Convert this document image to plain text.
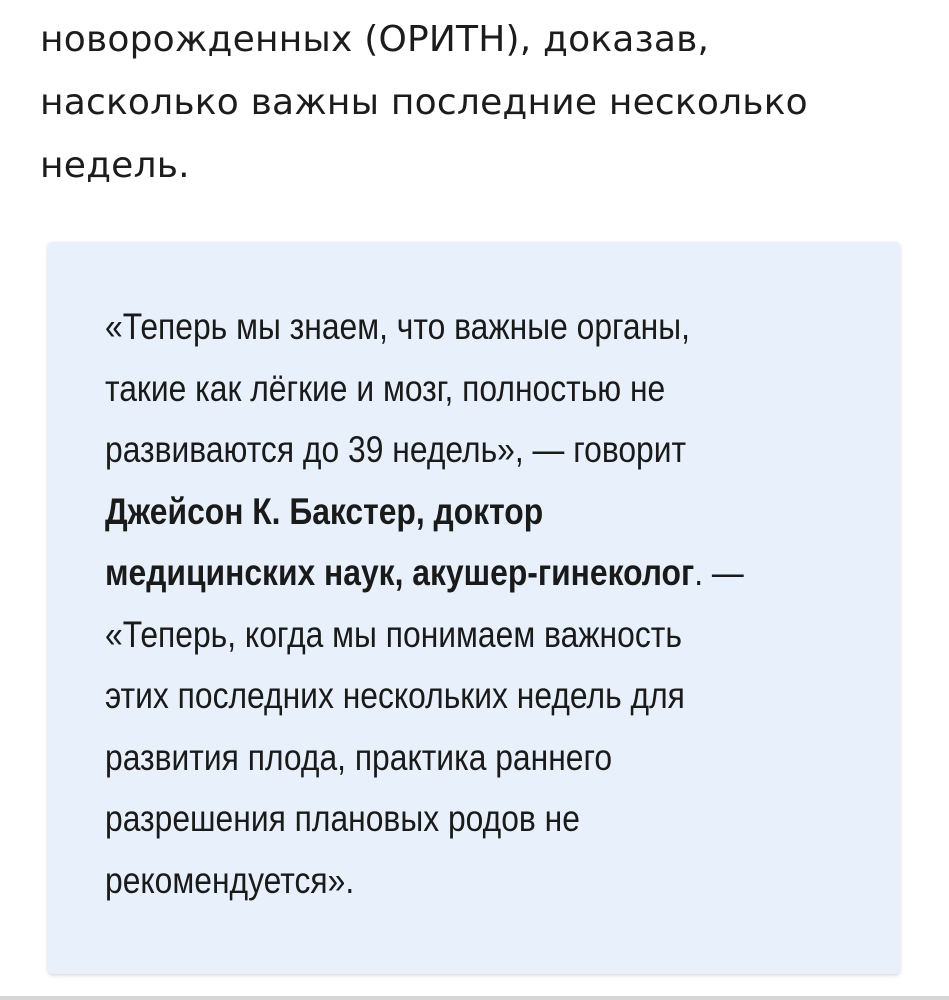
новорожденных (ОРИТН), доказав,
насколько важны последние несколько
недель.
«Теперь мы знаем, что важные органы,
такие как лёгкие и мозг, полностью не
развиваются до 39 недель», — говорит
Джейсон К. Бакстер, доктор
медицинских наук, акушер-гинеколог. —
«Теперь, когда мы понимаем важность
этих последних нескольких недель для
развития плода, практика раннего
разрешения плановых родов не
рекомендуется».
